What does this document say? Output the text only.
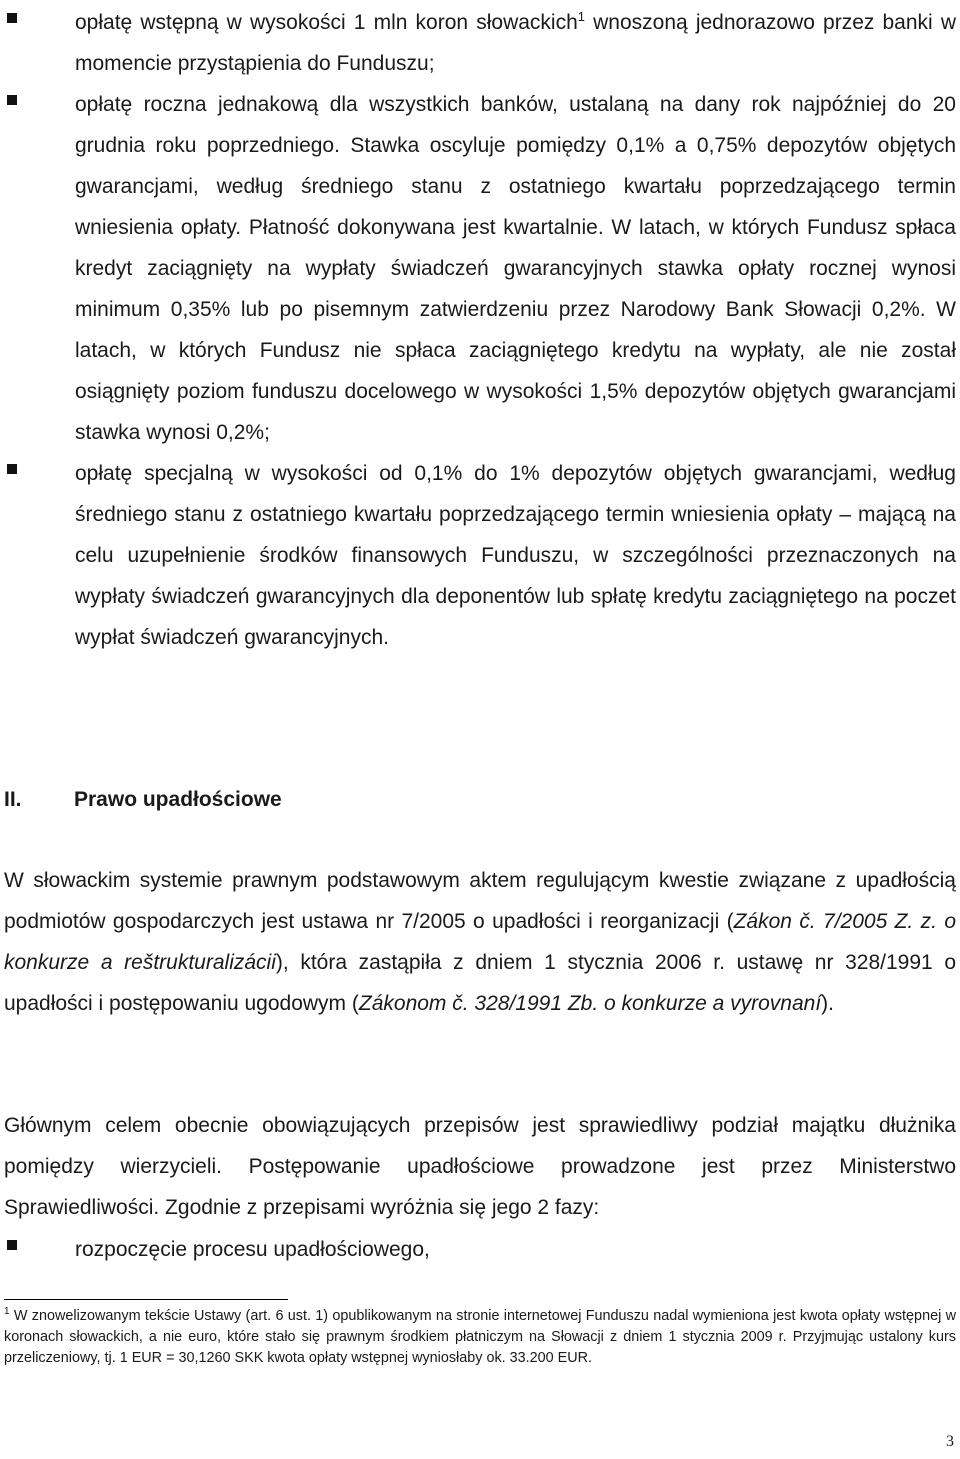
opłatę wstępną w wysokości 1 mln koron słowackich$^1$ wnoszoną jednorazowo przez banki w momencie przystąpienia do Funduszu;
opłatę roczna jednakową dla wszystkich banków, ustalaną na dany rok najpóźniej do 20 grudnia roku poprzedniego. Stawka oscyluje pomiędzy 0,1% a 0,75% depozytów objętych gwarancjami, według średniego stanu z ostatniego kwartału poprzedzającego termin wniesienia opłaty. Płatność dokonywana jest kwartalnie. W latach, w których Fundusz spłaca kredyt zaciągnięty na wypłaty świadczeń gwarancyjnych stawka opłaty rocznej wynosi minimum 0,35% lub po pisemnym zatwierdzeniu przez Narodowy Bank Słowacji 0,2%. W latach, w których Fundusz nie spłaca zaciągniętego kredytu na wypłaty, ale nie został osiągnięty poziom funduszu docelowego w wysokości 1,5% depozytów objętych gwarancjami stawka wynosi 0,2%;
opłatę specjalną w wysokości od 0,1% do 1% depozytów objętych gwarancjami, według średniego stanu z ostatniego kwartału poprzedzającego termin wniesienia opłaty – mającą na celu uzupełnienie środków finansowych Funduszu, w szczególności przeznaczonych na wypłaty świadczeń gwarancyjnych dla deponentów lub spłatę kredytu zaciągniętego na poczet wypłat świadczeń gwarancyjnych.
II. Prawo upadłościowe
W słowackim systemie prawnym podstawowym aktem regulującym kwestie związane z upadłością podmiotów gospodarczych jest ustawa nr 7/2005 o upadłości i reorganizacji (Zákon č. 7/2005 Z. z. o konkurze a reštrukturalizácii), która zastąpiła z dniem 1 stycznia 2006 r. ustawę nr 328/1991 o upadłości i postępowaniu ugodowym (Zákonom č. 328/1991 Zb. o konkurze a vyrovnaní).
Głównym celem obecnie obowiązujących przepisów jest sprawiedliwy podział majątku dłużnika pomiędzy wierzycieli. Postępowanie upadłościowe prowadzone jest przez Ministerstwo Sprawiedliwości. Zgodnie z przepisami wyróżnia się jego 2 fazy:
rozpoczęcie procesu upadłościowego,
$^1$ W znowelizowanym tekście Ustawy (art. 6 ust. 1) opublikowanym na stronie internetowej Funduszu nadal wymieniona jest kwota opłaty wstępnej w koronach słowackich, a nie euro, które stało się prawnym środkiem płatniczym na Słowacji z dniem 1 stycznia 2009 r. Przyjmując ustalony kurs przeliczeniowy, tj. 1 EUR = 30,1260 SKK kwota opłaty wstępnej wyniosłaby ok. 33.200 EUR.
3
